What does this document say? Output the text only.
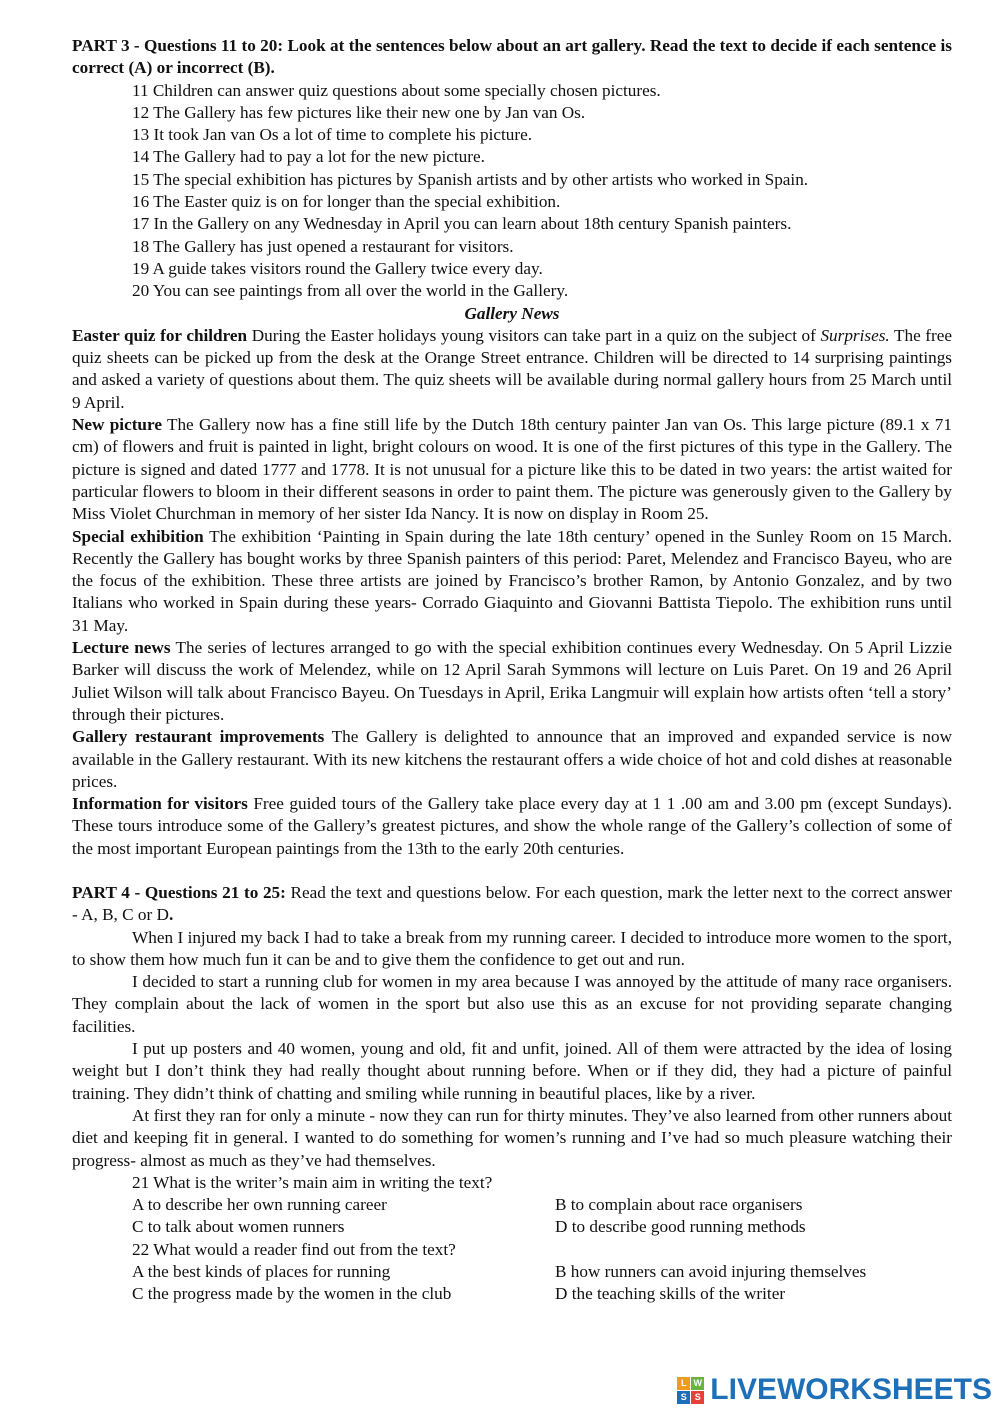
PART 3 - Questions 11 to 20: Look at the sentences below about an art gallery. Read the text to decide if each sentence is correct (A) or incorrect (B).
11 Children can answer quiz questions about some specially chosen pictures.
12 The Gallery has few pictures like their new one by Jan van Os.
13 It took Jan van Os a lot of time to complete his picture.
14 The Gallery had to pay a lot for the new picture.
15 The special exhibition has pictures by Spanish artists and by other artists who worked in Spain.
16 The Easter quiz is on for longer than the special exhibition.
17 In the Gallery on any Wednesday in April you can learn about 18th century Spanish painters.
18 The Gallery has just opened a restaurant for visitors.
19 A guide takes visitors round the Gallery twice every day.
20 You can see paintings from all over the world in the Gallery.
Gallery News
Easter quiz for children During the Easter holidays young visitors can take part in a quiz on the subject of Surprises. The free quiz sheets can be picked up from the desk at the Orange Street entrance. Children will be directed to 14 surprising paintings and asked a variety of questions about them. The quiz sheets will be available during normal gallery hours from 25 March until 9 April.
New picture The Gallery now has a fine still life by the Dutch 18th century painter Jan van Os. This large picture (89.1 x 71 cm) of flowers and fruit is painted in light, bright colours on wood. It is one of the first pictures of this type in the Gallery. The picture is signed and dated 1777 and 1778. It is not unusual for a picture like this to be dated in two years: the artist waited for particular flowers to bloom in their different seasons in order to paint them. The picture was generously given to the Gallery by Miss Violet Churchman in memory of her sister Ida Nancy. It is now on display in Room 25.
Special exhibition The exhibition ‘Painting in Spain during the late 18th century’ opened in the Sunley Room on 15 March. Recently the Gallery has bought works by three Spanish painters of this period: Paret, Melendez and Francisco Bayeu, who are the focus of the exhibition. These three artists are joined by Francisco’s brother Ramon, by Antonio Gonzalez, and by two Italians who worked in Spain during these years- Corrado Giaquinto and Giovanni Battista Tiepolo. The exhibition runs until 31 May.
Lecture news The series of lectures arranged to go with the special exhibition continues every Wednesday. On 5 April Lizzie Barker will discuss the work of Melendez, while on 12 April Sarah Symmons will lecture on Luis Paret. On 19 and 26 April Juliet Wilson will talk about Francisco Bayeu. On Tuesdays in April, Erika Langmuir will explain how artists often ‘tell a story’ through their pictures.
Gallery restaurant improvements The Gallery is delighted to announce that an improved and expanded service is now available in the Gallery restaurant. With its new kitchens the restaurant offers a wide choice of hot and cold dishes at reasonable prices.
Information for visitors Free guided tours of the Gallery take place every day at 1 1 .00 am and 3.00 pm (except Sundays). These tours introduce some of the Gallery’s greatest pictures, and show the whole range of the Gallery’s collection of some of the most important European paintings from the 13th to the early 20th centuries.
PART 4 - Questions 21 to 25: Read the text and questions below. For each question, mark the letter next to the correct answer - A, B, C or D.
When I injured my back I had to take a break from my running career. I decided to introduce more women to the sport, to show them how much fun it can be and to give them the confidence to get out and run.
I decided to start a running club for women in my area because I was annoyed by the attitude of many race organisers. They complain about the lack of women in the sport but also use this as an excuse for not providing separate changing facilities.
I put up posters and 40 women, young and old, fit and unfit, joined. All of them were attracted by the idea of losing weight but I don’t think they had really thought about running before. When or if they did, they had a picture of painful training. They didn’t think of chatting and smiling while running in beautiful places, like by a river.
At first they ran for only a minute - now they can run for thirty minutes. They’ve also learned from other runners about diet and keeping fit in general. I wanted to do something for women’s running and I’ve had so much pleasure watching their progress- almost as much as they’ve had themselves.
21 What is the writer’s main aim in writing the text?
A to describe her own running career	B to complain about race organisers
C to talk about women runners	D to describe good running methods
22 What would a reader find out from the text?
A the best kinds of places for running	B how runners can avoid injuring themselves
C the progress made by the women in the club	D the teaching skills of the writer
L W
S S LIVEWORKSHEETS
